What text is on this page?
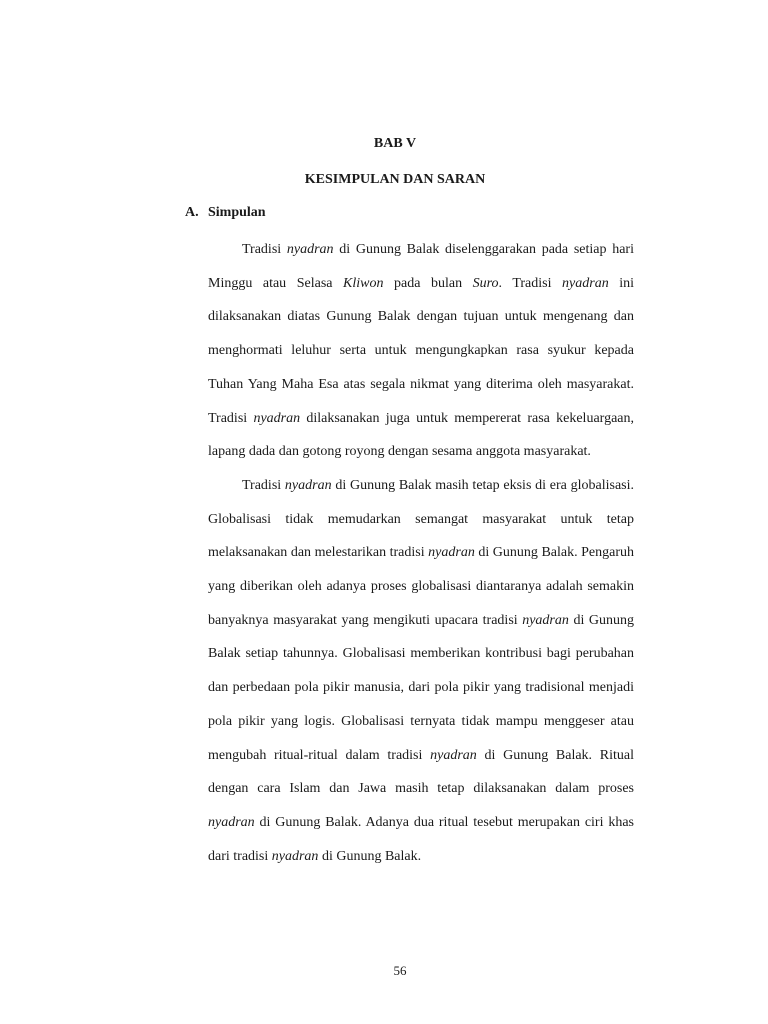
BAB V
KESIMPULAN DAN SARAN
A. Simpulan

Tradisi nyadran di Gunung Balak diselenggarakan pada setiap hari Minggu atau Selasa Kliwon pada bulan Suro. Tradisi nyadran ini dilaksanakan diatas Gunung Balak dengan tujuan untuk mengenang dan menghormati leluhur serta untuk mengungkapkan rasa syukur kepada Tuhan Yang Maha Esa atas segala nikmat yang diterima oleh masyarakat. Tradisi nyadran dilaksanakan juga untuk mempererat rasa kekeluargaan, lapang dada dan gotong royong dengan sesama anggota masyarakat.

Tradisi nyadran di Gunung Balak masih tetap eksis di era globalisasi. Globalisasi tidak memudarkan semangat masyarakat untuk tetap melaksanakan dan melestarikan tradisi nyadran di Gunung Balak. Pengaruh yang diberikan oleh adanya proses globalisasi diantaranya adalah semakin banyaknya masyarakat yang mengikuti upacara tradisi nyadran di Gunung Balak setiap tahunnya. Globalisasi memberikan kontribusi bagi perubahan dan perbedaan pola pikir manusia, dari pola pikir yang tradisional menjadi pola pikir yang logis. Globalisasi ternyata tidak mampu menggeser atau mengubah ritual-ritual dalam tradisi nyadran di Gunung Balak. Ritual dengan cara Islam dan Jawa masih tetap dilaksanakan dalam proses nyadran di Gunung Balak. Adanya dua ritual tesebut merupakan ciri khas dari tradisi nyadran di Gunung Balak.

56
